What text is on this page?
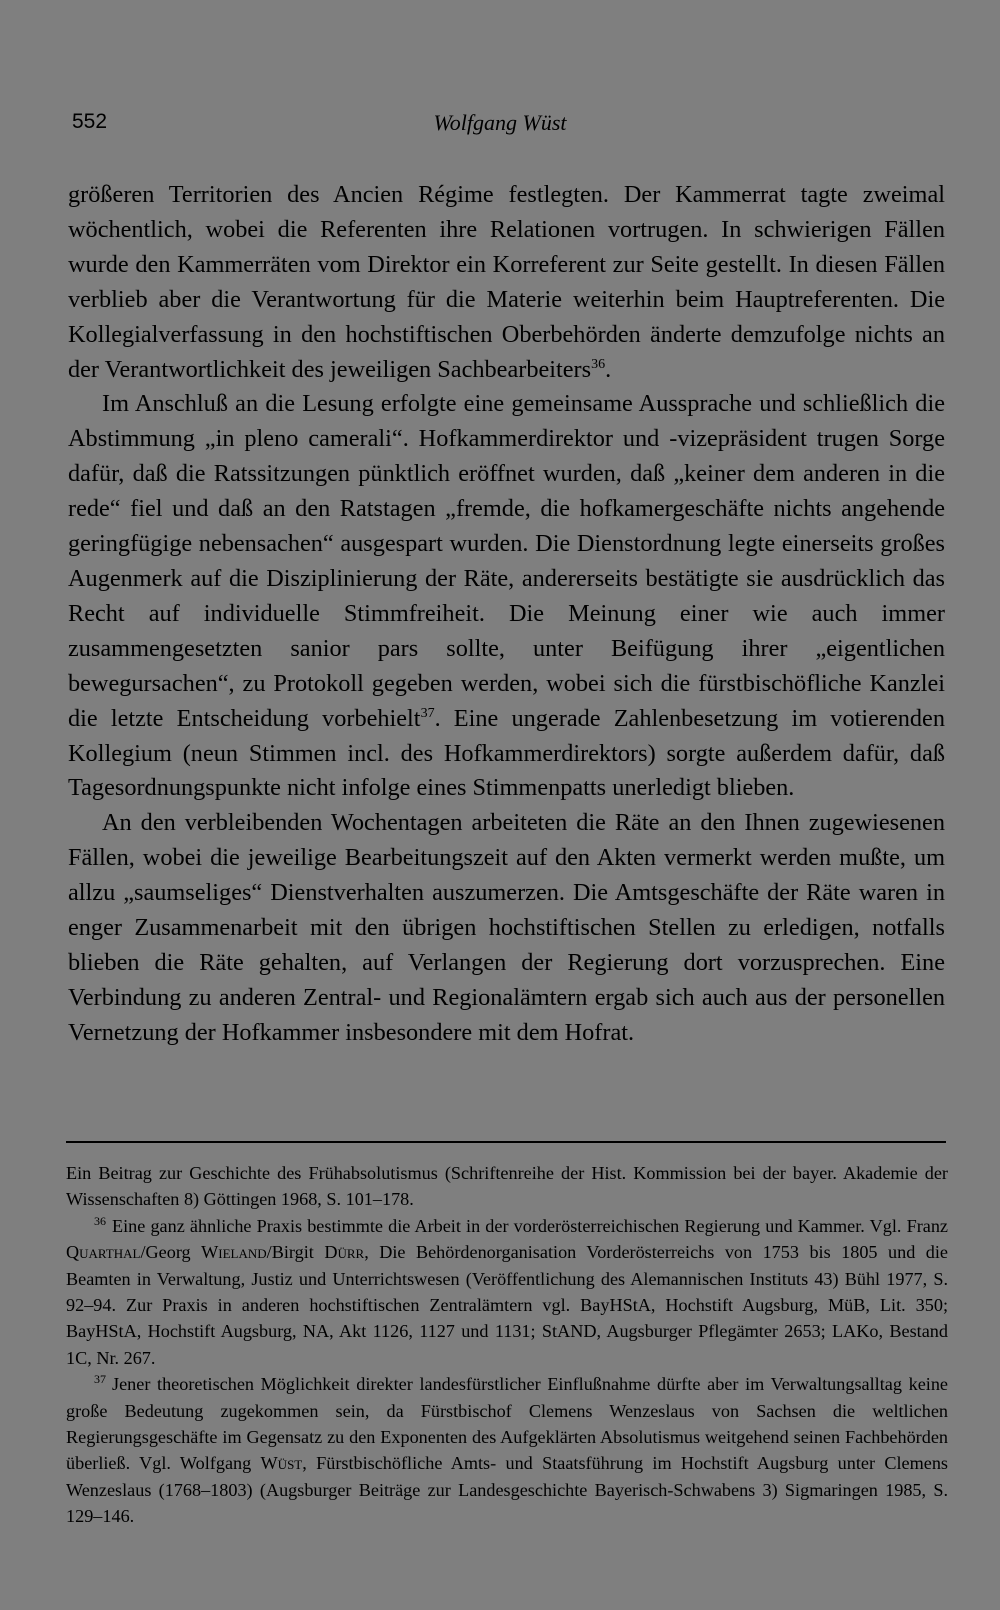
552	Wolfgang Wüst

größeren Territorien des Ancien Régime festlegten. Der Kammerrat tagte zweimal wöchentlich, wobei die Referenten ihre Relationen vortrugen. In schwierigen Fällen wurde den Kammerräten vom Direktor ein Korreferent zur Seite gestellt. In diesen Fällen verblieb aber die Verantwortung für die Materie weiterhin beim Hauptreferenten. Die Kollegialverfassung in den hochstiftischen Oberbehörden änderte demzufolge nichts an der Verantwortlichkeit des jeweiligen Sachbearbeiters$^{36}$.
Im Anschluß an die Lesung erfolgte eine gemeinsame Aussprache und schließlich die Abstimmung „in pleno camerali“. Hofkammerdirektor und -vizepräsident trugen Sorge dafür, daß die Ratssitzungen pünktlich eröffnet wurden, daß „keiner dem anderen in die rede“ fiel und daß an den Ratstagen „fremde, die hofkamergeschäfte nichts angehende geringfügige nebensachen“ ausgespart wurden. Die Dienstordnung legte einerseits großes Augenmerk auf die Disziplinierung der Räte, andererseits bestätigte sie ausdrücklich das Recht auf individuelle Stimmfreiheit. Die Meinung einer wie auch immer zusammengesetzten sanior pars sollte, unter Beifügung ihrer „eigentlichen bewegursachen“, zu Protokoll gegeben werden, wobei sich die fürstbischöfliche Kanzlei die letzte Entscheidung vorbehielt$^{37}$. Eine ungerade Zahlenbesetzung im votierenden Kollegium (neun Stimmen incl. des Hofkammerdirektors) sorgte außerdem dafür, daß Tagesordnungspunkte nicht infolge eines Stimmenpatts unerledigt blieben.

An den verbleibenden Wochentagen arbeiteten die Räte an den Ihnen zugewiesenen Fällen, wobei die jeweilige Bearbeitungszeit auf den Akten vermerkt werden mußte, um allzu „saumseliges“ Dienstverhalten auszumerzen. Die Amtsgeschäfte der Räte waren in enger Zusammenarbeit mit den übrigen hochstiftischen Stellen zu erledigen, notfalls blieben die Räte gehalten, auf Verlangen der Regierung dort vorzusprechen. Eine Verbindung zu anderen Zentral- und Regionalämtern ergab sich auch aus der personellen Vernetzung der Hofkammer insbesondere mit dem Hofrat.

Ein Beitrag zur Geschichte des Frühabsolutismus (Schriftenreihe der Hist. Kommission bei der bayer. Akademie der Wissenschaften 8) Göttingen 1968, S. 101–178.

$^{36}$ Eine ganz ähnliche Praxis bestimmte die Arbeit in der vorderösterreichischen Regierung und Kammer. Vgl. Franz Quarthal/Georg Wieland/Birgit Dürr, Die Behördenorganisation Vorderösterreichs von 1753 bis 1805 und die Beamten in Verwaltung, Justiz und Unterrichtswesen (Veröffentlichung des Alemannischen Instituts 43) Bühl 1977, S. 92–94. Zur Praxis in anderen hochstiftischen Zentralämtern vgl. BayHStA, Hochstift Augsburg, MüB, Lit. 350; BayHStA, Hochstift Augsburg, NA, Akt 1126, 1127 und 1131; StAND, Augsburger Pflegämter 2653; LAKo, Bestand 1C, Nr. 267.

$^{37}$ Jener theoretischen Möglichkeit direkter landesfürstlicher Einflußnahme dürfte aber im Verwaltungsalltag keine große Bedeutung zugekommen sein, da Fürstbischof Clemens Wenzeslaus von Sachsen die weltlichen Regierungsgeschäfte im Gegensatz zu den Exponenten des Aufgeklärten Absolutismus weitgehend seinen Fachbehörden überließ. Vgl. Wolfgang Wüst, Fürstbischöfliche Amts- und Staatsführung im Hochstift Augsburg unter Clemens Wenzeslaus (1768–1803) (Augsburger Beiträge zur Landesgeschichte Bayerisch-Schwabens 3) Sigmaringen 1985, S. 129–146.
